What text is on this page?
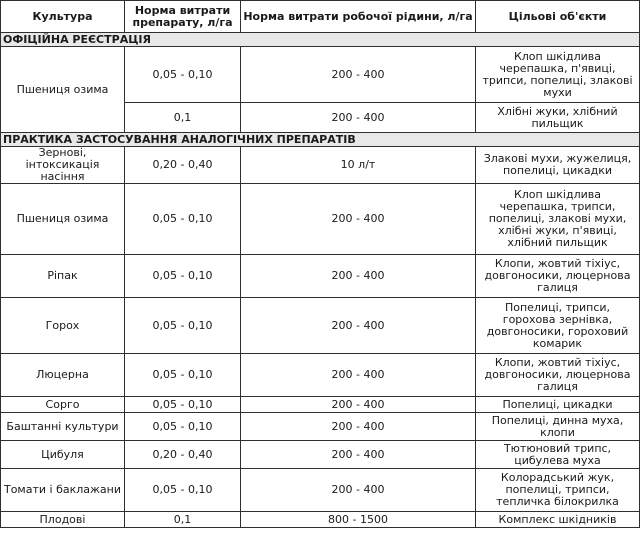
Культура	Норма витрати препарату, л/га	Норма витрати робочої рідини, л/га	Цільові об'єкти
ОФІЦІЙНА РЕЄСТРАЦІЯ			
Пшениця озима	0,05 - 0,10	200 - 400	Клоп шкідлива черепашка, п'явиці, трипси, попелиці, злакові мухи
	0,1	200 - 400	Хлібні жуки, хлібний пильщик
ПРАКТИКА ЗАСТОСУВАННЯ АНАЛОГІЧНИХ ПРЕПАРАТІВ			
Зернові, інтоксикація насіння	0,20 - 0,40	10 л/т	Злакові мухи, жужелиця, попелиці, цикадки
Пшениця озима	0,05 - 0,10	200 - 400	Клоп шкідлива черепашка, трипси, попелиці, злакові мухи, хлібні жуки, п'явиці, хлібний пильщик
Ріпак	0,05 - 0,10	200 - 400	Клопи, жовтий тіхіус, довгоносики, люцернова галиця
Горох	0,05 - 0,10	200 - 400	Попелиці, трипси, горохова зернівка, довгоносики, гороховий комарик
Люцерна	0,05 - 0,10	200 - 400	Клопи, жовтий тіхіус, довгоносики, люцернова галиця
Сорго	0,05 - 0,10	200 - 400	Попелиці, цикадки
Баштанні культури	0,05 - 0,10	200 - 400	Попелиці, динна муха, клопи
Цибуля	0,20 - 0,40	200 - 400	Тютюновий трипс, цибулева муха
Томати і баклажани	0,05 - 0,10	200 - 400	Колорадський жук, попелиці, трипси, тепличка білокрилка
Плодові	0,1	800 - 1500	Комплекс шкідників
